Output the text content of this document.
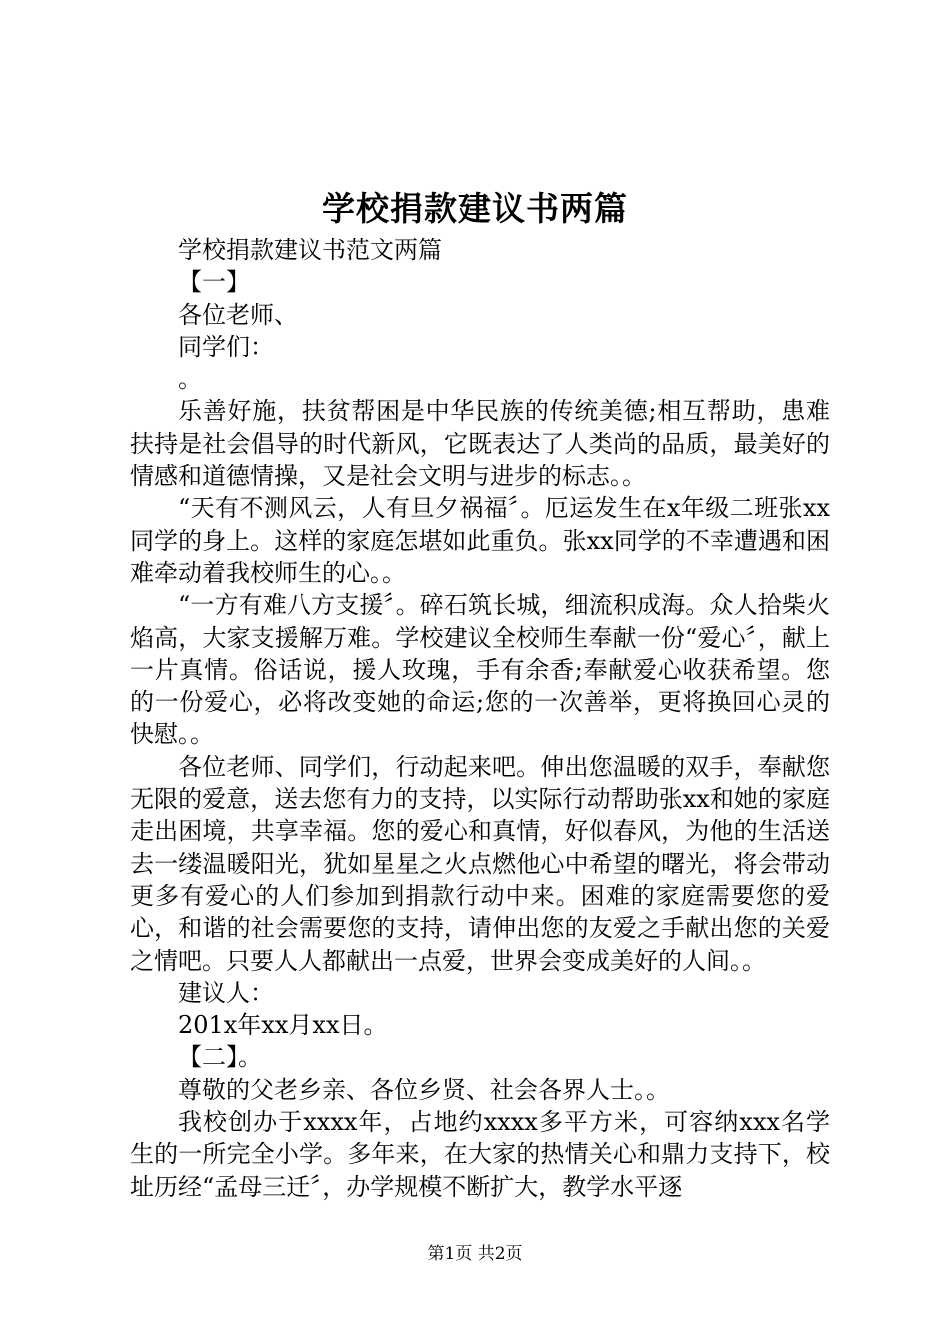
学校捐款建议书两篇

学校捐款建议书范文两篇

【一】

各位老师、

同学们：

。

乐善好施，扶贫帮困是中华民族的传统美德;相互帮助，患难扶持是社会倡导的时代新风，它既表达了人类尚的品质，最美好的情感和道德情操，又是社会文明与进步的标志。。

“天有不测风云，人有旦夕祸福〞。厄运发生在x年级二班张xx同学的身上。这样的家庭怎堪如此重负。张xx同学的不幸遭遇和困难牵动着我校师生的心。。

“一方有难八方支援〞。碎石筑长城，细流积成海。众人拾柴火焰高，大家支援解万难。学校建议全校师生奉献一份“爱心〞，献上一片真情。俗话说，援人玫瑰，手有余香;奉献爱心收获希望。您的一份爱心，必将改变她的命运;您的一次善举，更将换回心灵的快慰。。

各位老师、同学们，行动起来吧。伸出您温暖的双手，奉献您无限的爱意，送去您有力的支持，以实际行动帮助张xx和她的家庭走出困境，共享幸福。您的爱心和真情，好似春风，为他的生活送去一缕温暖阳光，犹如星星之火点燃他心中希望的曙光，将会带动更多有爱心的人们参加到捐款行动中来。困难的家庭需要您的爱心，和谐的社会需要您的支持，请伸出您的友爱之手献出您的关爱之情吧。只要人人都献出一点爱，世界会变成美好的人间。。

建议人：

201x年xx月xx日。

【二】。

尊敬的父老乡亲、各位乡贤、社会各界人士。。

我校创办于xxxx年，占地约xxxx多平方米，可容纳xxx名学生的一所完全小学。多年来，在大家的热情关心和鼎力支持下，校址历经“孟母三迁〞，办学规模不断扩大，教学水平逐

第1页 共2页
